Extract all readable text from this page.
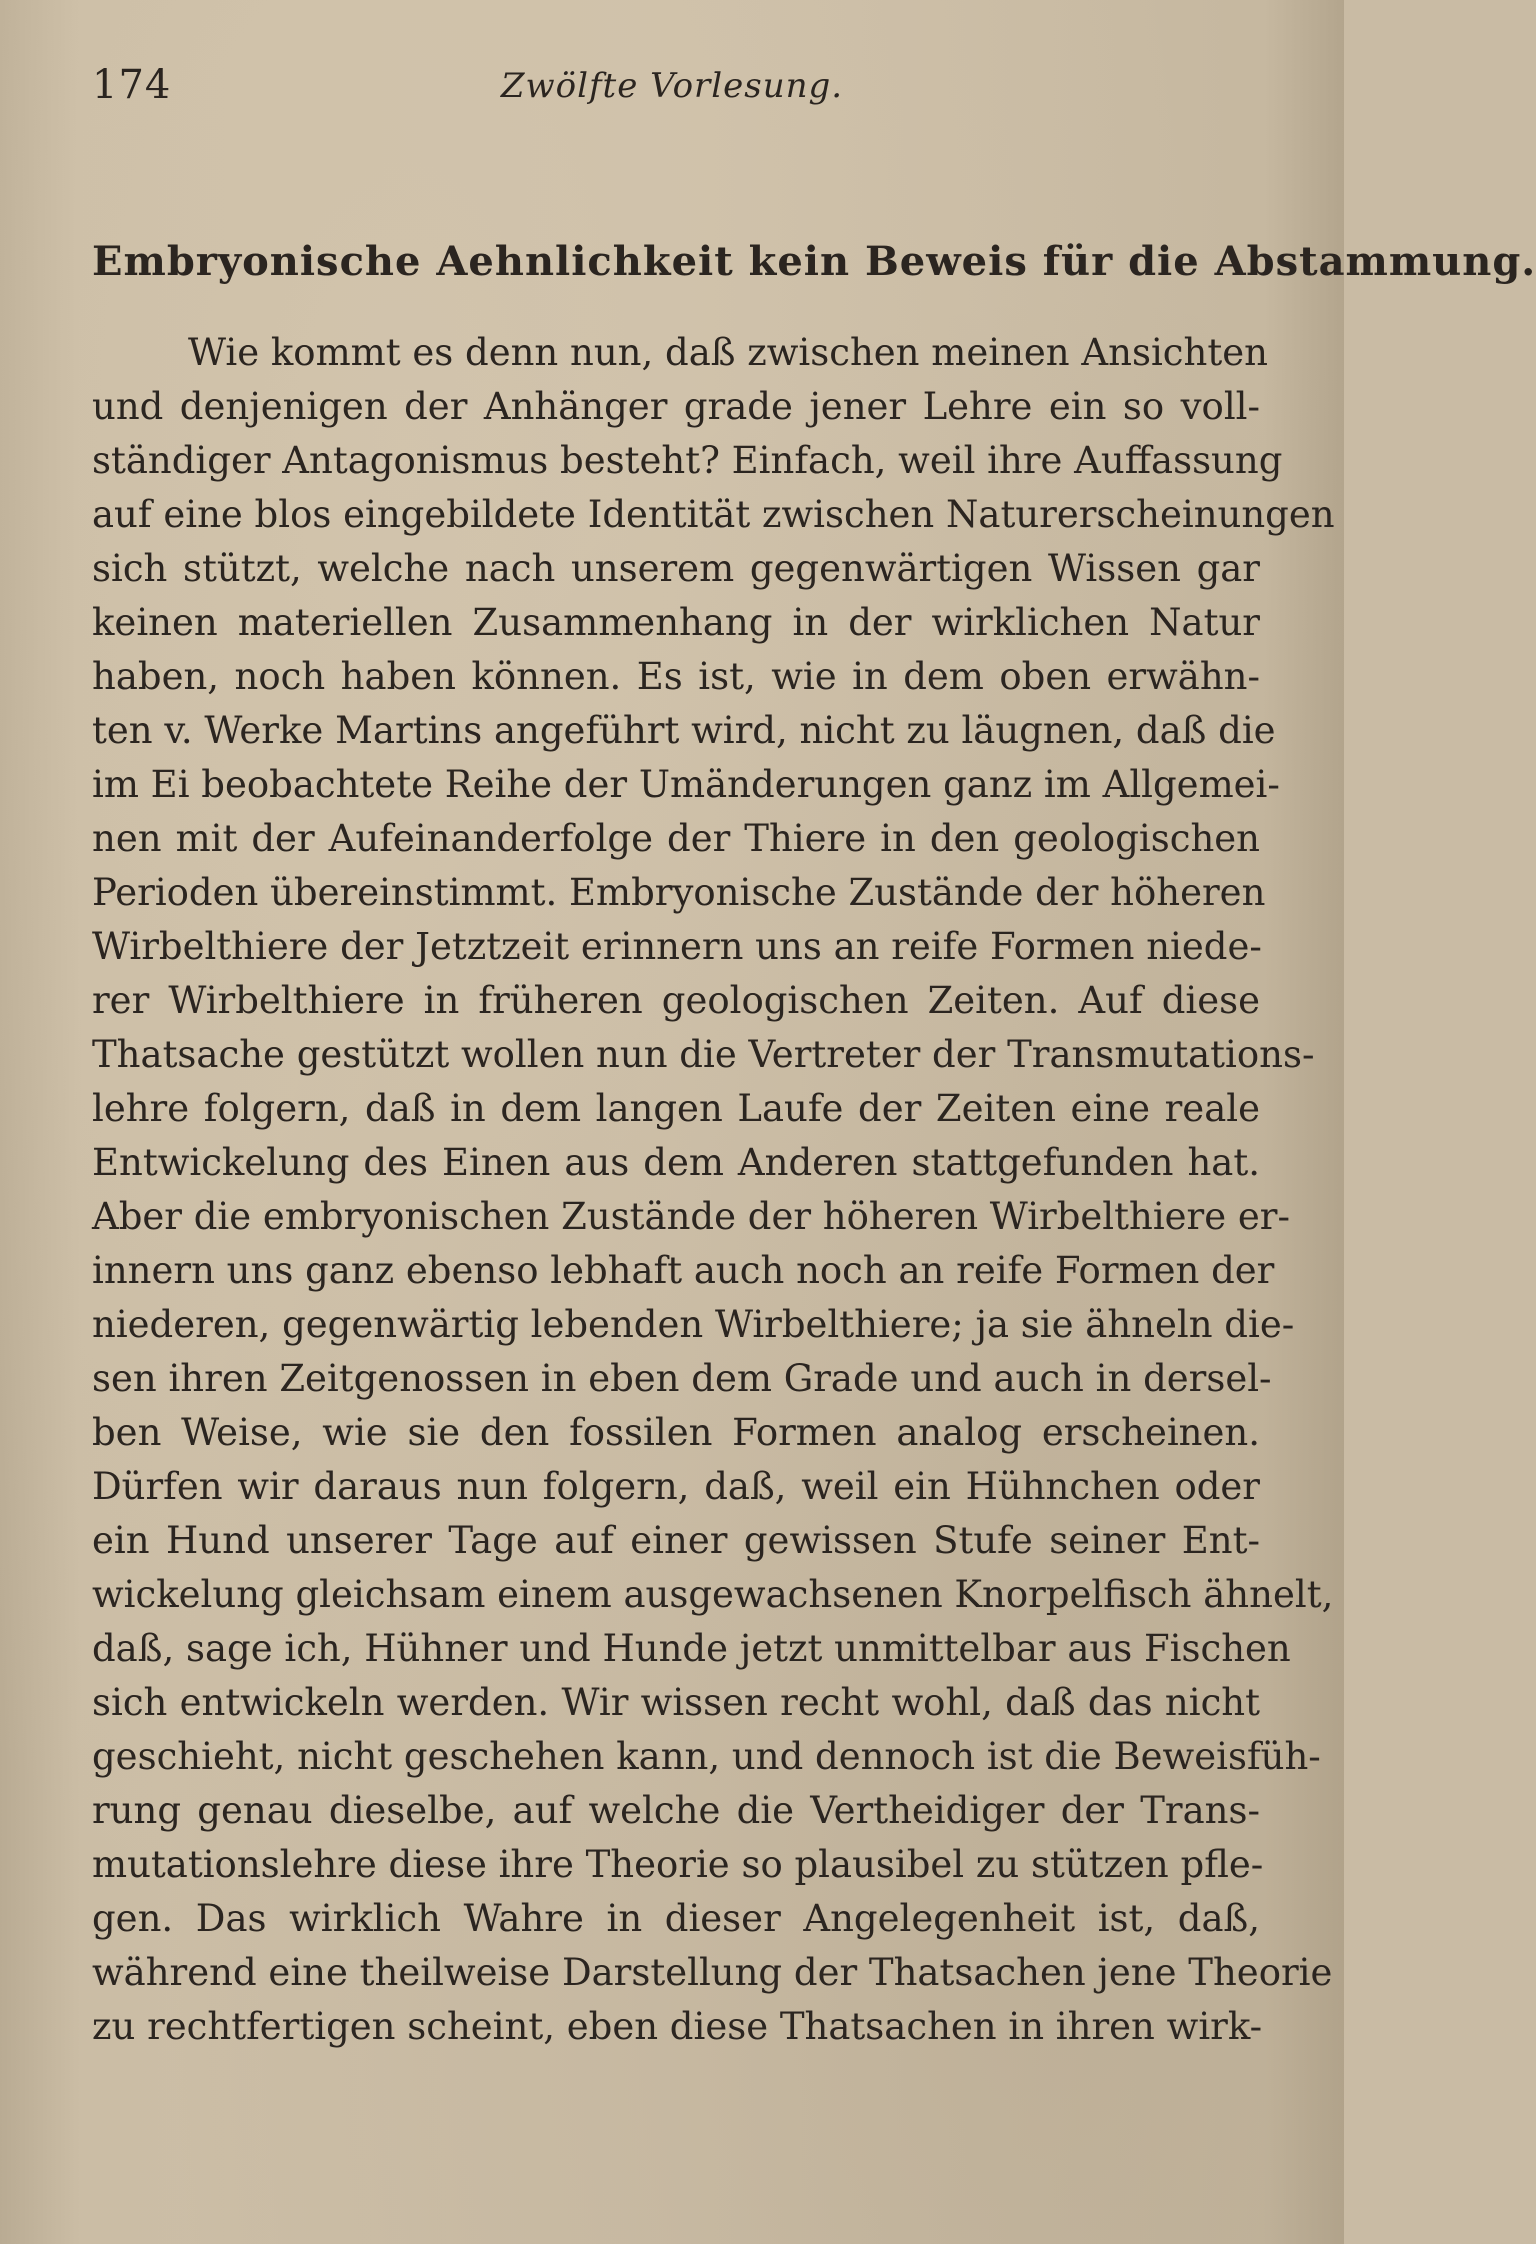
174	Zwölfte Vorlesung.
Embryonische Aehnlichkeit kein Beweis für die Abstammung.
Wie kommt es denn nun, daß zwischen meinen Ansichten
und denjenigen der Anhänger grade jener Lehre ein so voll-
ständiger Antagonismus besteht? Einfach, weil ihre Auffassung
auf eine blos eingebildete Identität zwischen Naturerscheinungen
sich stützt, welche nach unserem gegenwärtigen Wissen gar
keinen materiellen Zusammenhang in der wirklichen Natur
haben, noch haben können. Es ist, wie in dem oben erwähn-
ten v. Werke Martins angeführt wird, nicht zu läugnen, daß die
im Ei beobachtete Reihe der Umänderungen ganz im Allgemei-
nen mit der Aufeinanderfolge der Thiere in den geologischen
Perioden übereinstimmt. Embryonische Zustände der höheren
Wirbelthiere der Jetztzeit erinnern uns an reife Formen niede-
rer Wirbelthiere in früheren geologischen Zeiten. Auf diese
Thatsache gestützt wollen nun die Vertreter der Transmutations-
lehre folgern, daß in dem langen Laufe der Zeiten eine reale
Entwickelung des Einen aus dem Anderen stattgefunden hat.
Aber die embryonischen Zustände der höheren Wirbelthiere er-
innern uns ganz ebenso lebhaft auch noch an reife Formen der
niederen, gegenwärtig lebenden Wirbelthiere; ja sie ähneln die-
sen ihren Zeitgenossen in eben dem Grade und auch in dersel-
ben Weise, wie sie den fossilen Formen analog erscheinen.
Dürfen wir daraus nun folgern, daß, weil ein Hühnchen oder
ein Hund unserer Tage auf einer gewissen Stufe seiner Ent-
wickelung gleichsam einem ausgewachsenen Knorpelfisch ähnelt,
daß, sage ich, Hühner und Hunde jetzt unmittelbar aus Fischen
sich entwickeln werden. Wir wissen recht wohl, daß das nicht
geschieht, nicht geschehen kann, und dennoch ist die Beweisfüh-
rung genau dieselbe, auf welche die Vertheidiger der Trans-
mutationslehre diese ihre Theorie so plausibel zu stützen pfle-
gen. Das wirklich Wahre in dieser Angelegenheit ist, daß,
während eine theilweise Darstellung der Thatsachen jene Theorie
zu rechtfertigen scheint, eben diese Thatsachen in ihren wirk-
